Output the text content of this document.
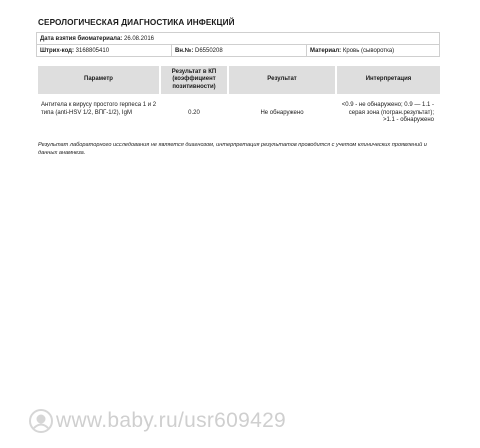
СЕРОЛОГИЧЕСКАЯ ДИАГНОСТИКА ИНФЕКЦИЙ
Дата взятия биоматериала: 26.08.2016
Штрих-код: 3168805410	Вн.№: D6550208	Материал: Кровь (сыворотка)
Параметр	Результат в КП (коэффициент позитивности)	Результат	Интерпретация
Антитела к вирусу простого герпеса 1 и 2 типа (anti-HSV 1/2, ВПГ-1/2), IgM	0.20	Не обнаружено	<0.9 - не обнаружено; 0.9 — 1.1 - серая зона (погран.результат); >1.1 - обнаружено
Результат лабораторного исследования не является диагнозом, интерпретация результатов проводится с учетом клинических проявлений и данных анамнеза.
www.baby.ru/usr609429
